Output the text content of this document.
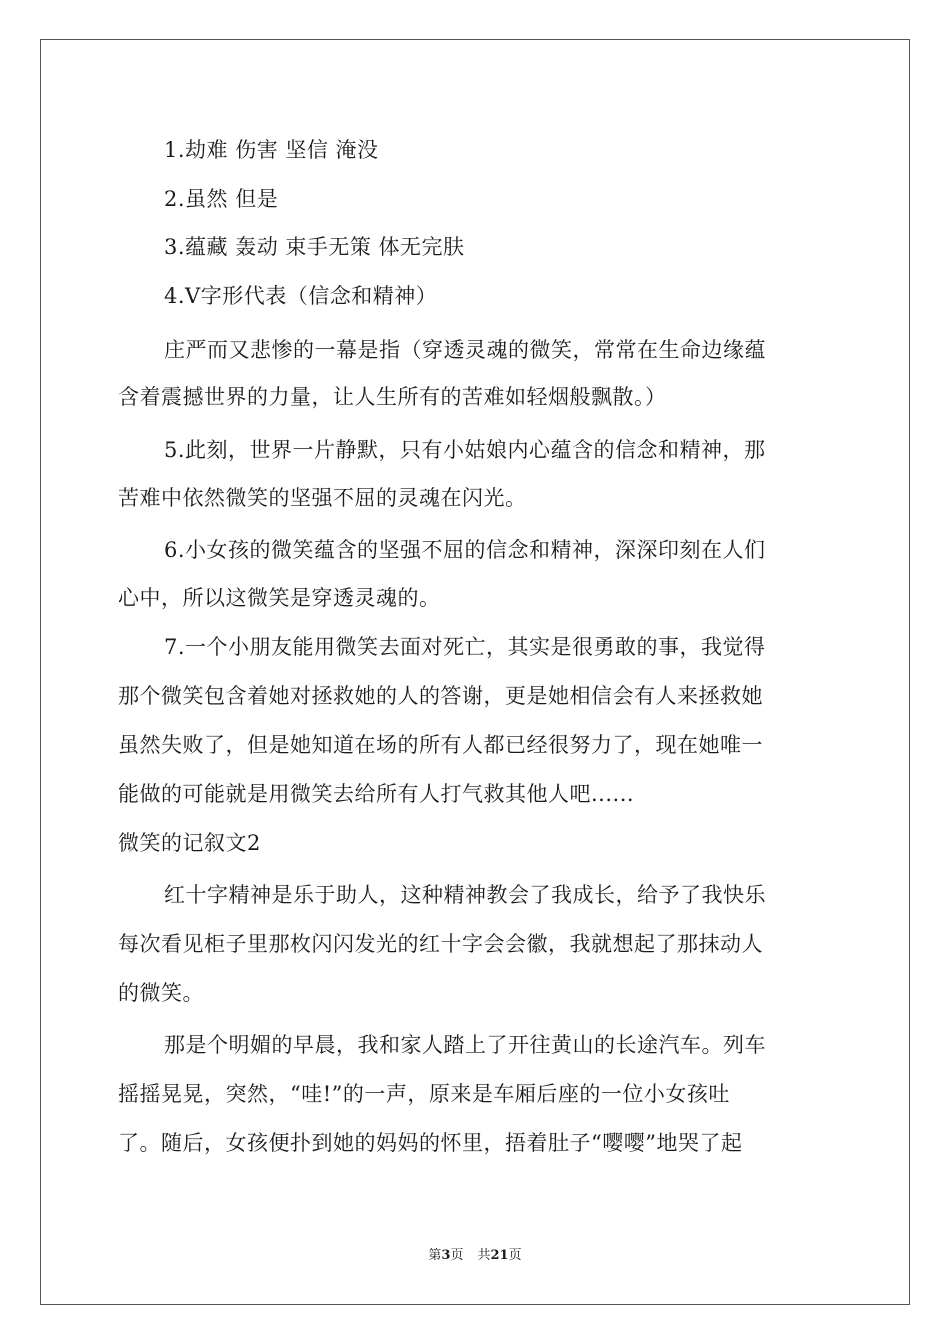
1.劫难 伤害 坚信 淹没
2.虽然 但是
3.蕴藏 轰动 束手无策 体无完肤
4.V字形代表（信念和精神）
庄严而又悲惨的一幕是指（穿透灵魂的微笑，常常在生命边缘蕴
含着震撼世界的力量，让人生所有的苦难如轻烟般飘散。）
5.此刻，世界一片静默，只有小姑娘内心蕴含的信念和精神，那
苦难中依然微笑的坚强不屈的灵魂在闪光。
6.小女孩的微笑蕴含的坚强不屈的信念和精神，深深印刻在人们
心中，所以这微笑是穿透灵魂的。
7.一个小朋友能用微笑去面对死亡，其实是很勇敢的事，我觉得
那个微笑包含着她对拯救她的人的答谢，更是她相信会有人来拯救她
虽然失败了，但是她知道在场的所有人都已经很努力了，现在她唯一
能做的可能就是用微笑去给所有人打气救其他人吧......
微笑的记叙文2
红十字精神是乐于助人，这种精神教会了我成长，给予了我快乐
每次看见柜子里那枚闪闪发光的红十字会会徽，我就想起了那抹动人
的微笑。
那是个明媚的早晨，我和家人踏上了开往黄山的长途汽车。列车
摇摇晃晃，突然，“哇!”的一声，原来是车厢后座的一位小女孩吐
了。随后，女孩便扑到她的妈妈的怀里，捂着肚子“嘤嘤”地哭了起
第3页 共21页
